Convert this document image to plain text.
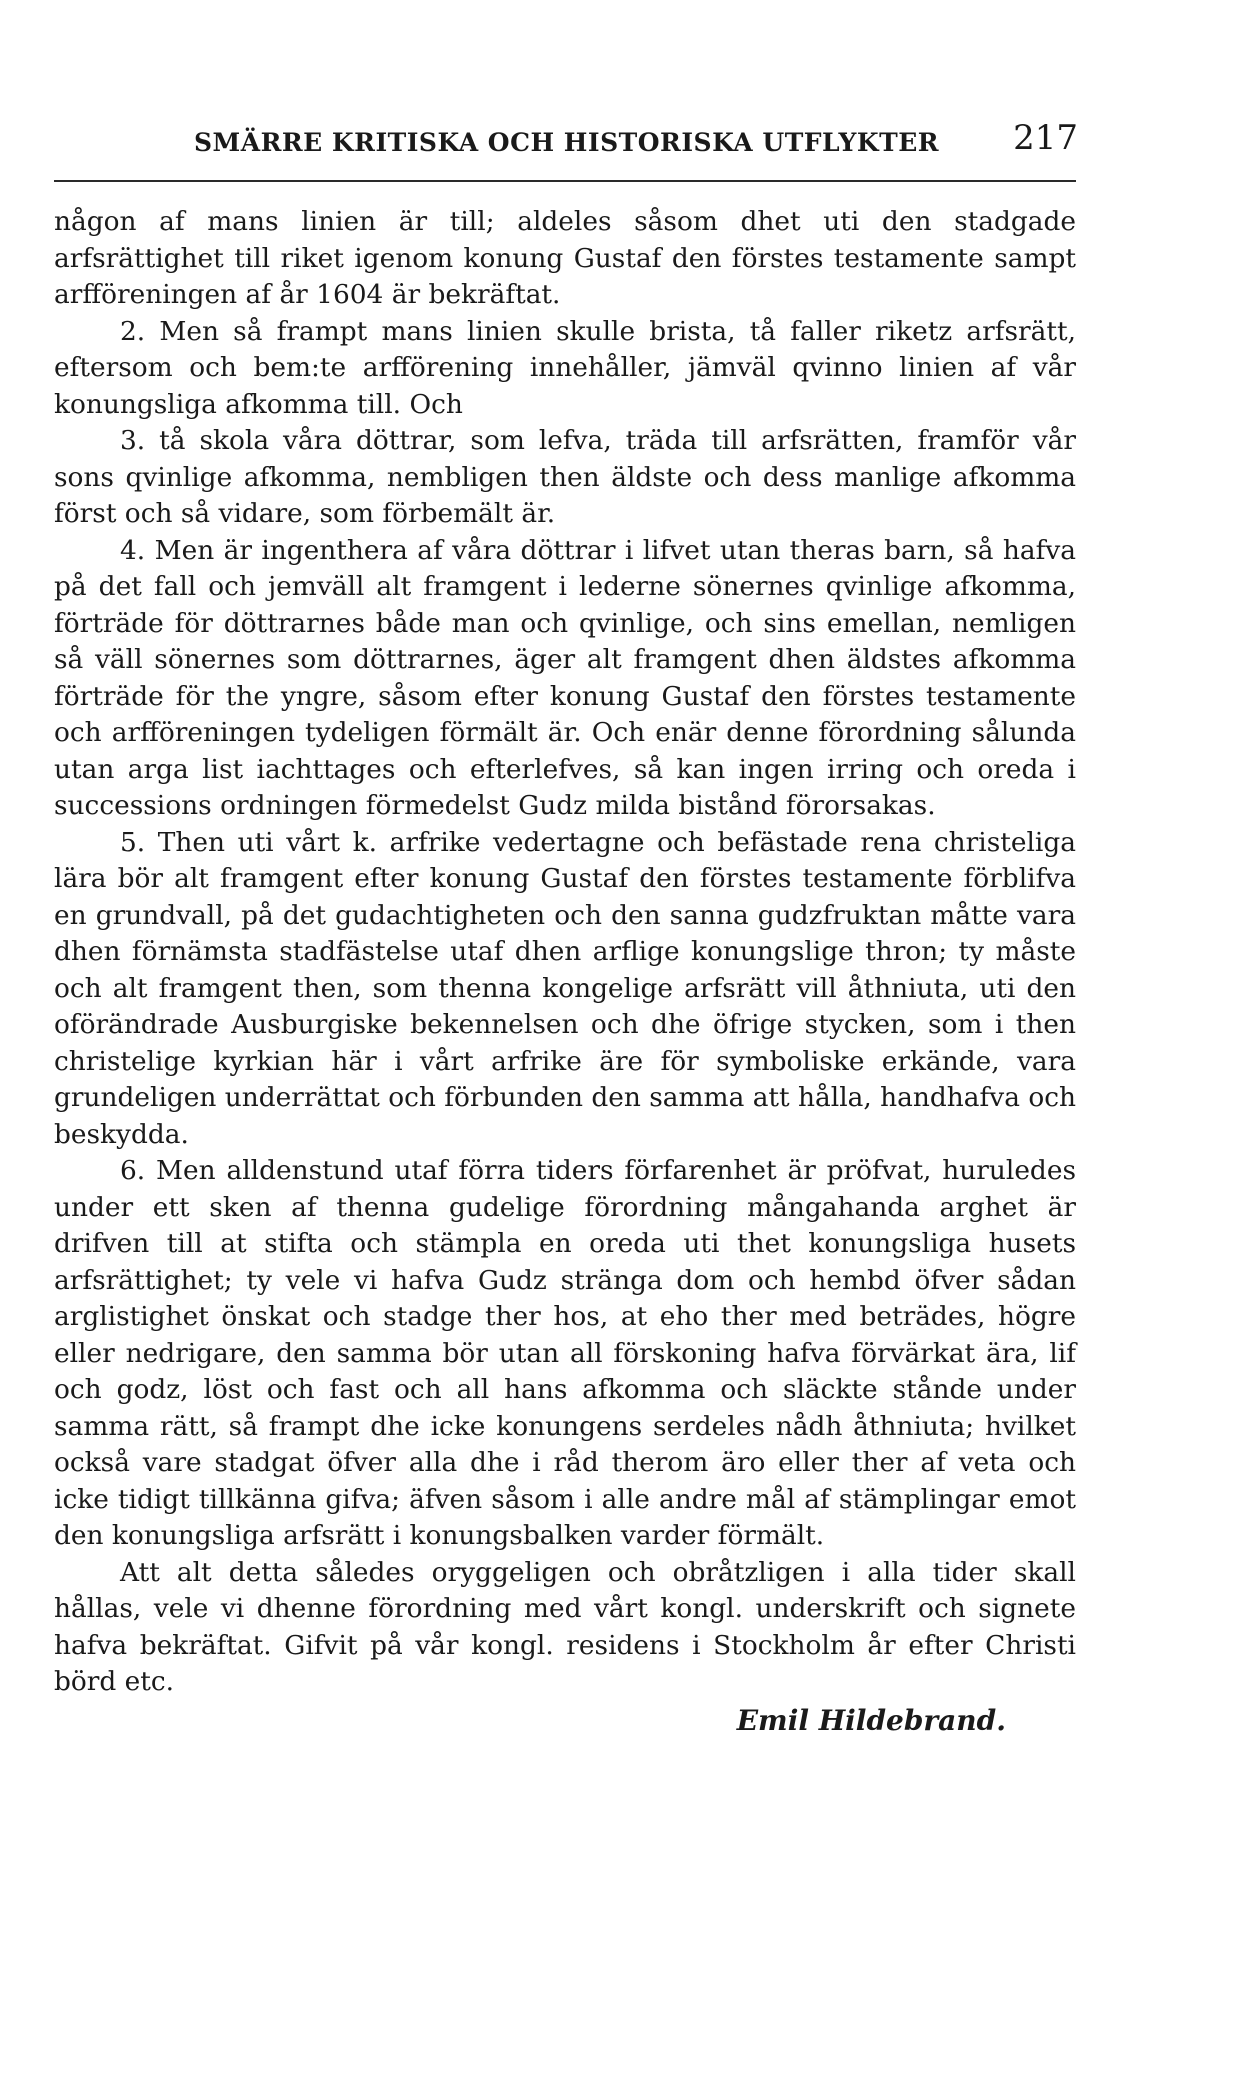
SMÄRRE KRITISKA OCH HISTORISKA UTFLYKTER 217

någon af mans linien är till; aldeles såsom dhet uti den stadgade arfsrättighet till riket igenom konung Gustaf den förstes testamente sampt arfföreningen af år 1604 är bekräftat.

2. Men så frampt mans linien skulle brista, tå faller riketz arfsrätt, eftersom och bem:te arfförening innehåller, jämväl qvinno linien af vår konungsliga afkomma till. Och

3. tå skola våra döttrar, som lefva, träda till arfsrätten, framför vår sons qvinlige afkomma, nembligen then äldste och dess manlige afkomma först och så vidare, som förbemält är.

4. Men är ingenthera af våra döttrar i lifvet utan theras barn, så hafva på det fall och jemväll alt framgent i lederne sönernes qvinlige afkomma, förträde för döttrarnes både man och qvinlige, och sins emellan, nemligen så väll sönernes som döttrarnes, äger alt framgent dhen äldstes afkomma förträde för the yngre, såsom efter konung Gustaf den förstes testamente och arfföreningen tydeligen förmält är. Och enär denne förordning sålunda utan arga list iachttages och efterlefves, så kan ingen irring och oreda i successions ordningen förmedelst Gudz milda bistånd förorsakas.

5. Then uti vårt k. arfrike vedertagne och befästade rena christeliga lära bör alt framgent efter konung Gustaf den förstes testamente förblifva en grundvall, på det gudachtigheten och den sanna gudzfruktan måtte vara dhen förnämsta stadfästelse utaf dhen arflige konungslige thron; ty måste och alt framgent then, som thenna kongelige arfsrätt vill åthniuta, uti den oförändrade Ausburgiske bekennelsen och dhe öfrige stycken, som i then christelige kyrkian här i vårt arfrike äre för symboliske erkände, vara grundeligen underrättat och förbunden den samma att hålla, handhafva och beskydda.

6. Men alldenstund utaf förra tiders förfarenhet är pröfvat, huruledes under ett sken af thenna gudelige förordning mångahanda arghet är drifven till at stifta och stämpla en oreda uti thet konungsliga husets arfsrättighet; ty vele vi hafva Gudz stränga dom och hembd öfver sådan arglistighet önskat och stadge ther hos, at eho ther med beträdes, högre eller nedrigare, den samma bör utan all förskoning hafva förvärkat ära, lif och godz, löst och fast och all hans afkomma och släckte stånde under samma rätt, så frampt dhe icke konungens serdeles nådh åthniuta; hvilket också vare stadgat öfver alla dhe i råd therom äro eller ther af veta och icke tidigt tillkänna gifva; äfven såsom i alle andre mål af stämplingar emot den konungsliga arfsrätt i konungsbalken varder förmält.

Att alt detta således oryggeligen och obråtzligen i alla tider skall hållas, vele vi dhenne förordning med vårt kongl. underskrift och signete hafva bekräftat. Gifvit på vår kongl. residens i Stockholm år efter Christi börd etc.

Emil Hildebrand.
